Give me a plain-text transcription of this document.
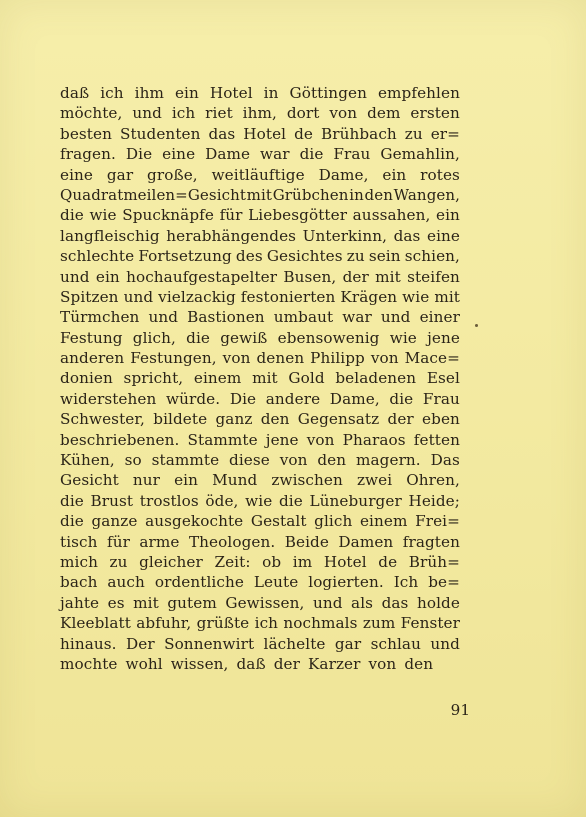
daß ich ihm ein Hotel in Göttingen empfehlen
möchte, und ich riet ihm, dort von dem ersten
besten Studenten das Hotel de Brühbach zu er=
fragen. Die eine Dame war die Frau Gemahlin,
eine gar große, weitläuftige Dame, ein rotes
Quadratmeilen=Gesicht mit Grübchen in den Wangen,
die wie Spucknäpfe für Liebesgötter aussahen, ein
langfleischig herabhängendes Unterkinn, das eine
schlechte Fortsetzung des Gesichtes zu sein schien,
und ein hochaufgestapelter Busen, der mit steifen
Spitzen und vielzackig festonierten Krägen wie mit
Türmchen und Bastionen umbaut war und einer
Festung glich, die gewiß ebensowenig wie jene
anderen Festungen, von denen Philipp von Mace=
donien spricht, einem mit Gold beladenen Esel
widerstehen würde. Die andere Dame, die Frau
Schwester, bildete ganz den Gegensatz der eben
beschriebenen. Stammte jene von Pharaos fetten
Kühen, so stammte diese von den magern. Das
Gesicht nur ein Mund zwischen zwei Ohren,
die Brust trostlos öde, wie die Lüneburger Heide;
die ganze ausgekochte Gestalt glich einem Frei=
tisch für arme Theologen. Beide Damen fragten
mich zu gleicher Zeit: ob im Hotel de Brüh=
bach auch ordentliche Leute logierten. Ich be=
jahte es mit gutem Gewissen, und als das holde
Kleeblatt abfuhr, grüßte ich nochmals zum Fenster
hinaus. Der Sonnenwirt lächelte gar schlau und
mochte wohl wissen, daß der Karzer von den
91
